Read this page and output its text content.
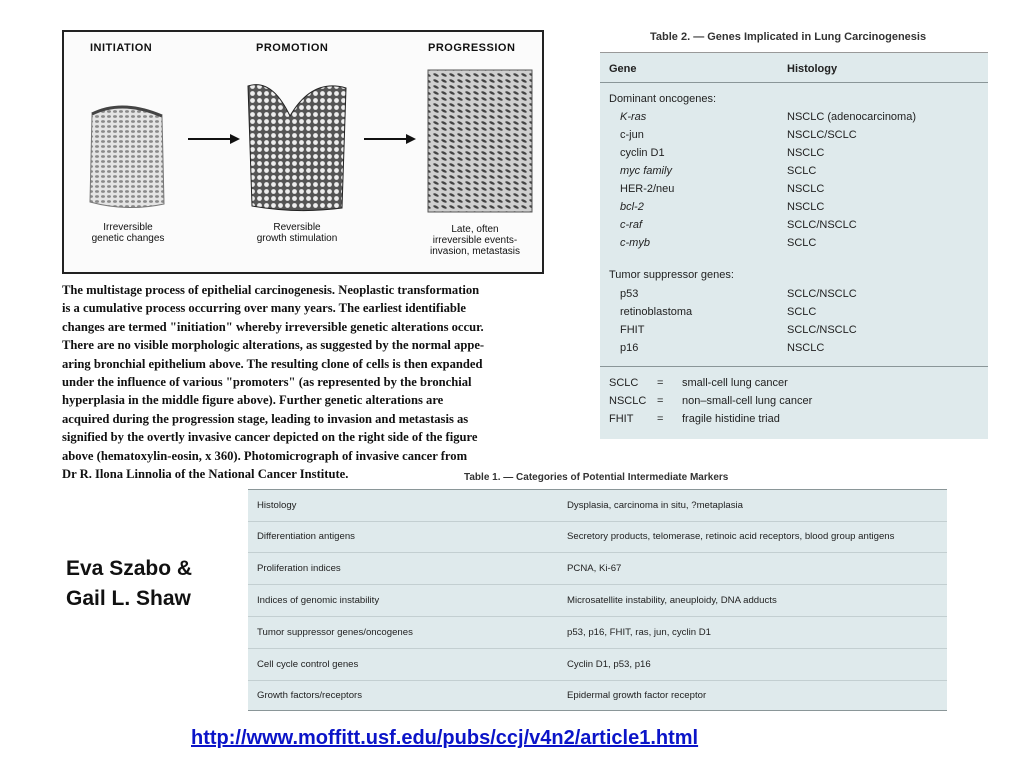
INITIATION	PROMOTION	PROGRESSION
Irreversible
genetic changes
Reversible
growth stimulation
Late, often
irreversible events-
invasion, metastasis
The multistage process of epithelial carcinogenesis. Neoplastic transformation
is a cumulative process occurring over many years. The earliest identifiable
changes are termed "initiation" whereby irreversible genetic alterations occur.
There are no visible morphologic alterations, as suggested by the normal appe-
aring bronchial epithelium above. The resulting clone of cells is then expanded
under the influence of various "promoters" (as represented by the bronchial
hyperplasia in the middle figure above). Further genetic alterations are
acquired during the progression stage, leading to invasion and metastasis as
signified by the overtly invasive cancer depicted on the right side of the figure
above (hematoxylin-eosin, x 360). Photomicrograph of invasive cancer from
Dr R. Ilona Linnolia of the National Cancer Institute.
Table 2. — Genes Implicated in Lung Carcinogenesis
Gene	Histology
Dominant oncogenes:
K-ras	NSCLC (adenocarcinoma)
c-jun	NSCLC/SCLC
cyclin D1	NSCLC
myc family	SCLC
HER-2/neu	NSCLC
bcl-2	NSCLC
c-raf	SCLC/NSCLC
c-myb	SCLC
Tumor suppressor genes:
p53	SCLC/NSCLC
retinoblastoma	SCLC
FHIT	SCLC/NSCLC
p16	NSCLC
SCLC = small-cell lung cancer
NSCLC = non–small-cell lung cancer
FHIT = fragile histidine triad
Table 1. — Categories of Potential Intermediate Markers
Histology	Dysplasia, carcinoma in situ, ?metaplasia
Differentiation antigens	Secretory products, telomerase, retinoic acid receptors, blood group antigens
Proliferation indices	PCNA, Ki-67
Indices of genomic instability	Microsatellite instability, aneuploidy, DNA adducts
Tumor suppressor genes/oncogenes	p53, p16, FHIT, ras, jun, cyclin D1
Cell cycle control genes	Cyclin D1, p53, p16
Growth factors/receptors	Epidermal growth factor receptor
Eva Szabo &
Gail L. Shaw
http://www.moffitt.usf.edu/pubs/ccj/v4n2/article1.html
